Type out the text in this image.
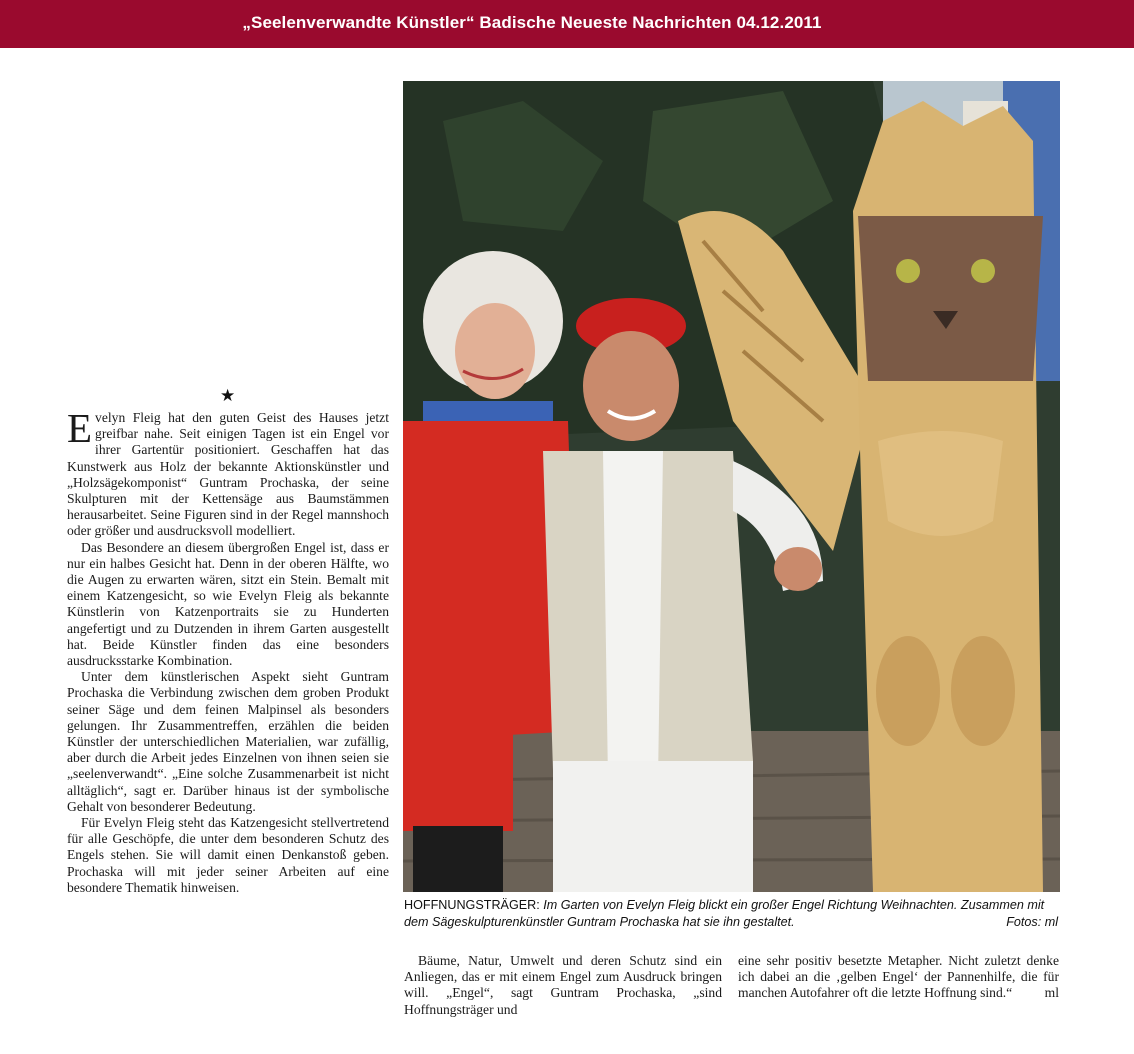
„Seelenverwandte Künstler“ Badische Neueste Nachrichten 04.12.2011
★

Evelyn Fleig hat den guten Geist des Hauses jetzt greifbar nahe. Seit einigen Tagen ist ein Engel vor ihrer Gartentür positioniert. Geschaffen hat das Kunstwerk aus Holz der bekannte Aktionskünstler und „Holzsägekomponist“ Guntram Prochaska, der seine Skulpturen mit der Kettensäge aus Baumstämmen herausarbeitet. Seine Figuren sind in der Regel mannshoch oder größer und ausdrucksvoll modelliert.

Das Besondere an diesem übergroßen Engel ist, dass er nur ein halbes Gesicht hat. Denn in der oberen Hälfte, wo die Augen zu erwarten wären, sitzt ein Stein. Bemalt mit einem Katzengesicht, so wie Evelyn Fleig als bekannte Künstlerin von Katzenportraits sie zu Hunderten angefertigt und zu Dutzenden in ihrem Garten ausgestellt hat. Beide Künstler finden das eine besonders ausdrucksstarke Kombination.

Unter dem künstlerischen Aspekt sieht Guntram Prochaska die Verbindung zwischen dem groben Produkt seiner Säge und dem feinen Malpinsel als besonders gelungen. Ihr Zusammentreffen, erzählen die beiden Künstler der unterschiedlichen Materialien, war zufällig, aber durch die Arbeit jedes Einzelnen von ihnen seien sie „seelenverwandt“. „Eine solche Zusammenarbeit ist nicht alltäglich“, sagt er. Darüber hinaus ist der symbolische Gehalt von besonderer Bedeutung.

Für Evelyn Fleig steht das Katzengesicht stellvertretend für alle Geschöpfe, die unter dem besonderen Schutz des Engels stehen. Sie will damit einen Denkanstoß geben. Prochaska will mit jeder seiner Arbeiten auf eine besondere Thematik hinweisen.

HOFFNUNGSTRÄGER: Im Garten von Evelyn Fleig blickt ein großer Engel Richtung Weihnachten. Zusammen mit dem Sägeskulpturenkünstler Guntram Prochaska hat sie ihn gestaltet.	Fotos: ml

Bäume, Natur, Umwelt und deren Schutz sind ein Anliegen, das er mit einem Engel zum Ausdruck bringen will. „Engel“, sagt Guntram Prochaska, „sind Hoffnungsträger und

eine sehr positiv besetzte Metapher. Nicht zuletzt denke ich dabei an die ‚gelben Engel‘ der Pannenhilfe, die für manchen Autofahrer oft die letzte Hoffnung sind.“ ml
